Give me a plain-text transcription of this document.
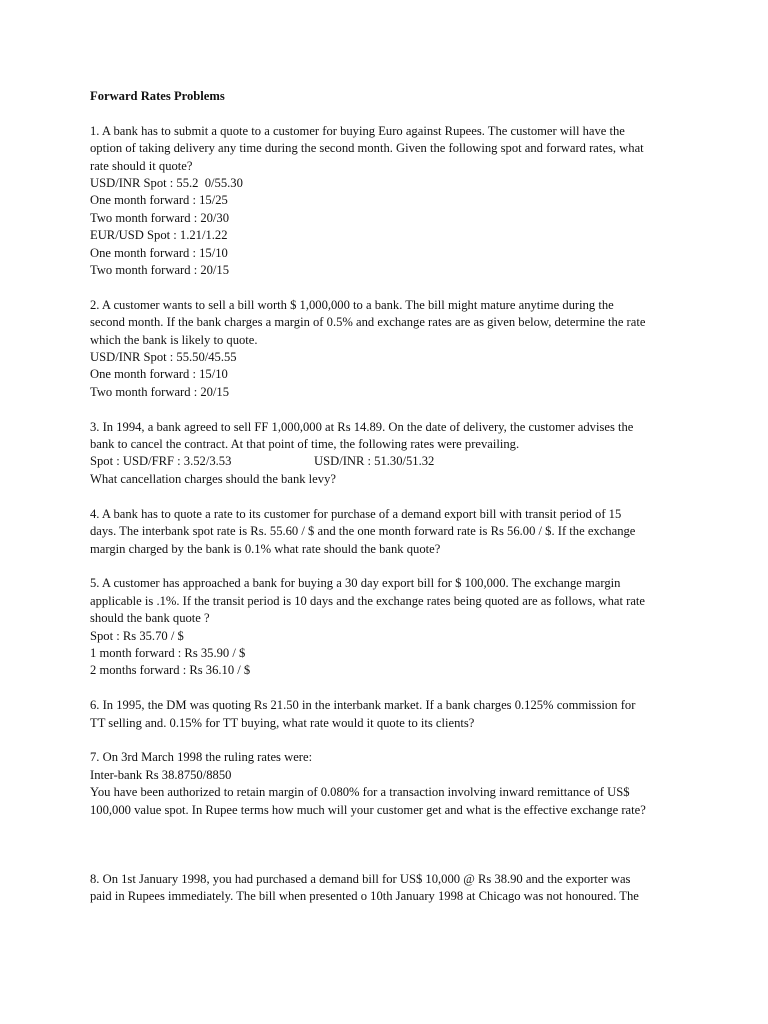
Forward Rates Problems
1. A bank has to submit a quote to a customer for buying Euro against Rupees. The customer will have the
option of taking delivery any time during the second month. Given the following spot and forward rates, what
rate should it quote?
USD/INR Spot : 55.2  0/55.30
One month forward : 15/25
Two month forward : 20/30
EUR/USD Spot : 1.21/1.22
One month forward : 15/10
Two month forward : 20/15
2. A customer wants to sell a bill worth $ 1,000,000 to a bank. The bill might mature anytime during the
second month. If the bank charges a margin of 0.5% and exchange rates are as given below, determine the rate
which the bank is likely to quote.
USD/INR Spot : 55.50/45.55
One month forward : 15/10
Two month forward : 20/15
3. In 1994, a bank agreed to sell FF 1,000,000 at Rs 14.89. On the date of delivery, the customer advises the
bank to cancel the contract. At that point of time, the following rates were prevailing.
Spot : USD/FRF : 3.52/3.53	USD/INR : 51.30/51.32
What cancellation charges should the bank levy?
4. A bank has to quote a rate to its customer for purchase of a demand export bill with transit period of 15
days. The interbank spot rate is Rs. 55.60 / $ and the one month forward rate is Rs 56.00 / $. If the exchange
margin charged by the bank is 0.1% what rate should the bank quote?
5. A customer has approached a bank for buying a 30 day export bill for $ 100,000. The exchange margin
applicable is .1%. If the transit period is 10 days and the exchange rates being quoted are as follows, what rate
should the bank quote ?
Spot : Rs 35.70 / $
1 month forward : Rs 35.90 / $
2 months forward : Rs 36.10 / $
6. In 1995, the DM was quoting Rs 21.50 in the interbank market. If a bank charges 0.125% commission for
TT selling and. 0.15% for TT buying, what rate would it quote to its clients?
7. On 3rd March 1998 the ruling rates were:
Inter-bank Rs 38.8750/8850
You have been authorized to retain margin of 0.080% for a transaction involving inward remittance of US$
100,000 value spot. In Rupee terms how much will your customer get and what is the effective exchange rate?
8. On 1st January 1998, you had purchased a demand bill for US$ 10,000 @ Rs 38.90 and the exporter was
paid in Rupees immediately. The bill when presented o 10th January 1998 at Chicago was not honoured. The
